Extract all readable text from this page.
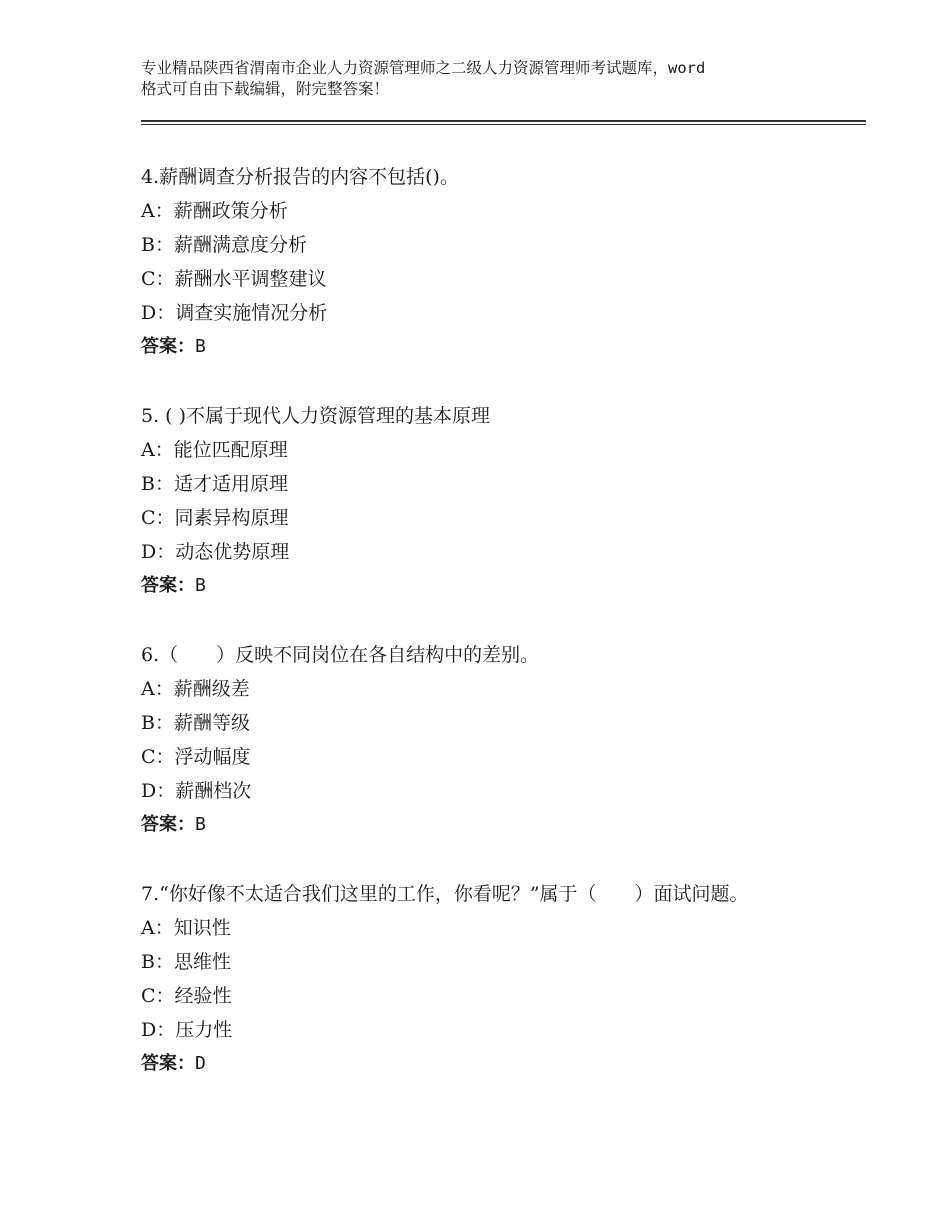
专业精品陕西省渭南市企业人力资源管理师之二级人力资源管理师考试题库，word
格式可自由下载编辑，附完整答案！

4.薪酬调查分析报告的内容不包括()。

A：薪酬政策分析

B：薪酬满意度分析

C：薪酬水平调整建议

D：调查实施情况分析

答案：B

5. ( )不属于现代人力资源管理的基本原理

A：能位匹配原理

B：适才适用原理

C：同素异构原理

D：动态优势原理

答案：B

6.（　　）反映不同岗位在各自结构中的差别。

A：薪酬级差

B：薪酬等级

C：浮动幅度

D：薪酬档次

答案：B

7.“你好像不太适合我们这里的工作，你看呢？”属于（　　）面试问题。

A：知识性

B：思维性

C：经验性

D：压力性

答案：D
